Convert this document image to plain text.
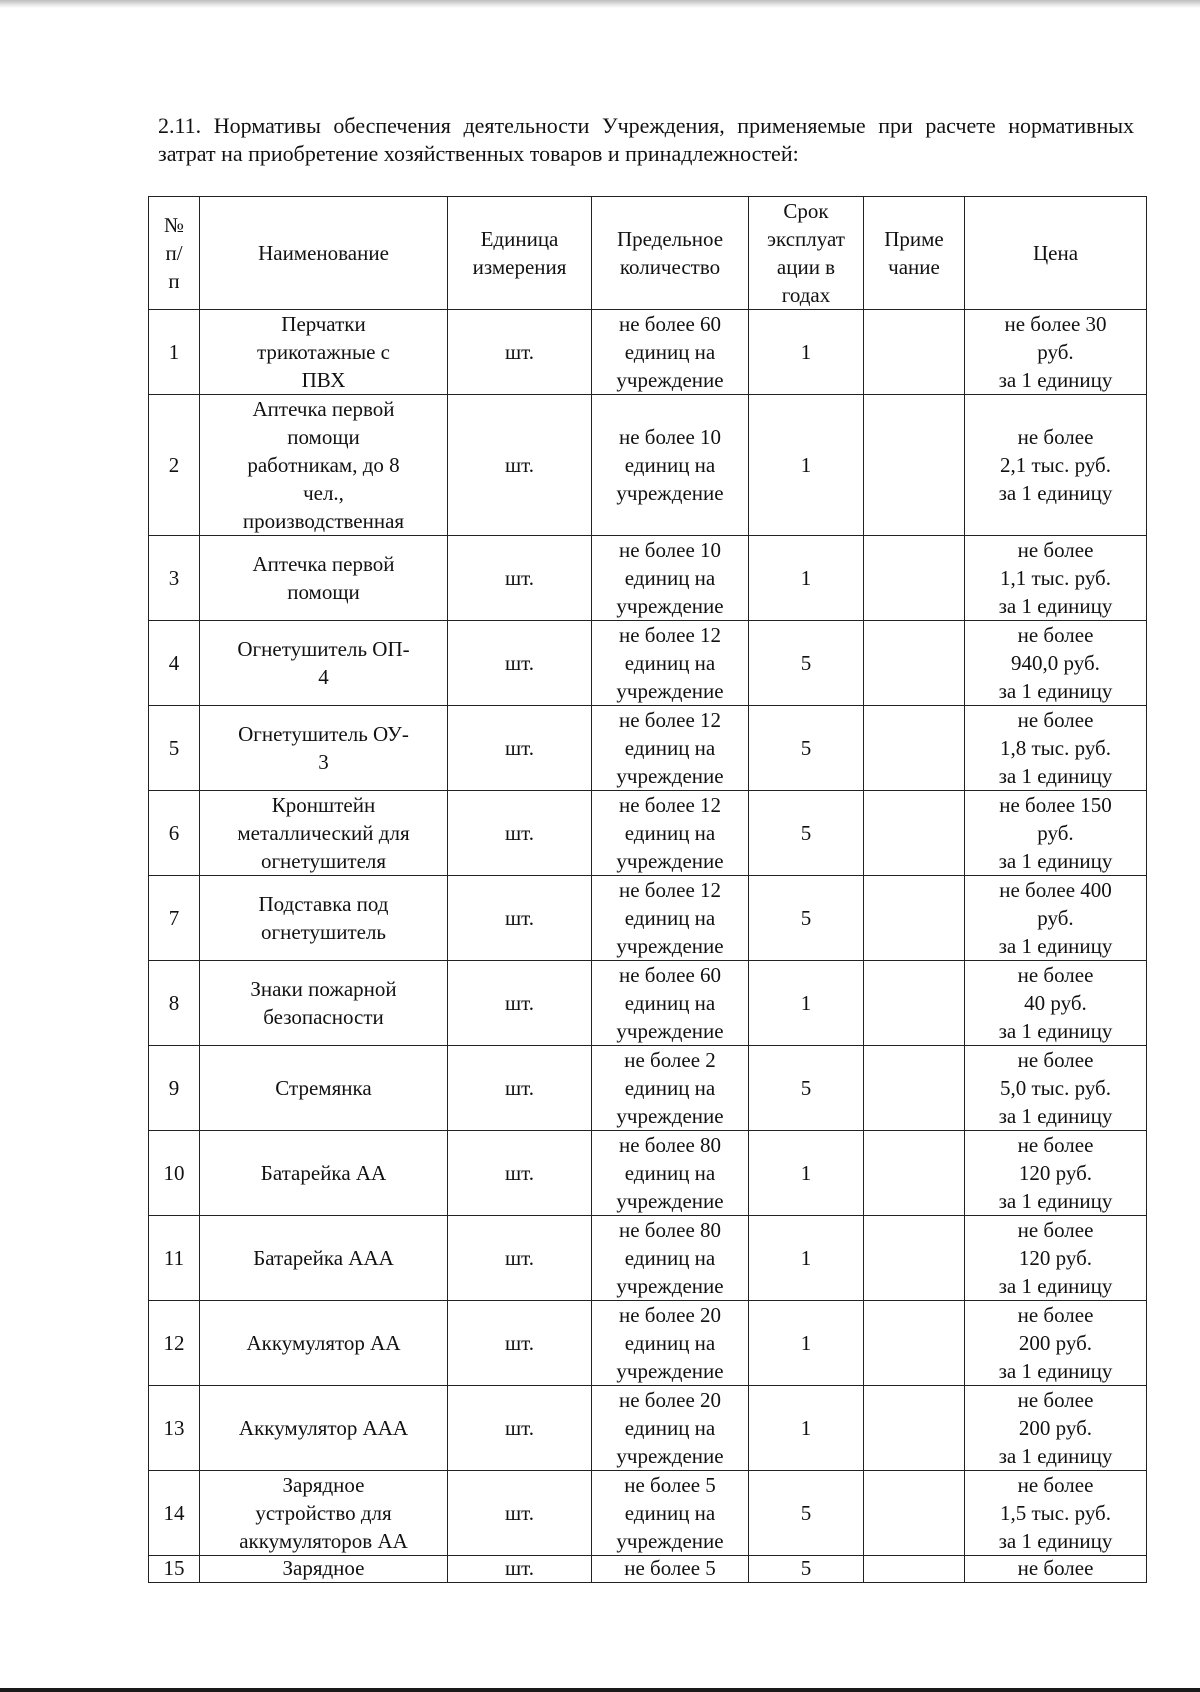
2.11. Нормативы обеспечения деятельности Учреждения, применяемые при расчете нормативных затрат на приобретение хозяйственных товаров и принадлежностей:

№
п/
п	Наименование	Единица
измерения	Предельное
количество	Срок
эксплуат
ации в
годах	Приме
чание	Цена
1	Перчатки
трикотажные с
ПВХ	шт.	не более 60
единиц на
учреждение	1		не более 30
руб.
за 1 единицу
2	Аптечка первой
помощи
работникам, до 8
чел.,
производственная	шт.	не более 10
единиц на
учреждение	1		не более
2,1 тыс. руб.
за 1 единицу
3	Аптечка первой
помощи	шт.	не более 10
единиц на
учреждение	1		не более
1,1 тыс. руб.
за 1 единицу
4	Огнетушитель ОП-
4	шт.	не более 12
единиц на
учреждение	5		не более
940,0 руб.
за 1 единицу
5	Огнетушитель ОУ-
3	шт.	не более 12
единиц на
учреждение	5		не более
1,8 тыс. руб.
за 1 единицу
6	Кронштейн
металлический для
огнетушителя	шт.	не более 12
единиц на
учреждение	5		не более 150
руб.
за 1 единицу
7	Подставка под
огнетушитель	шт.	не более 12
единиц на
учреждение	5		не более 400
руб.
за 1 единицу
8	Знаки пожарной
безопасности	шт.	не более 60
единиц на
учреждение	1		не более
40 руб.
за 1 единицу
9	Стремянка	шт.	не более 2
единиц на
учреждение	5		не более
5,0 тыс. руб.
за 1 единицу
10	Батарейка АА	шт.	не более 80
единиц на
учреждение	1		не более
120 руб.
за 1 единицу
11	Батарейка ААА	шт.	не более 80
единиц на
учреждение	1		не более
120 руб.
за 1 единицу
12	Аккумулятор АА	шт.	не более 20
единиц на
учреждение	1		не более
200 руб.
за 1 единицу
13	Аккумулятор ААА	шт.	не более 20
единиц на
учреждение	1		не более
200 руб.
за 1 единицу
14	Зарядное
устройство для
аккумуляторов АА	шт.	не более 5
единиц на
учреждение	5		не более
1,5 тыс. руб.
за 1 единицу
15	Зарядное	шт.	не более 5	5		не более
